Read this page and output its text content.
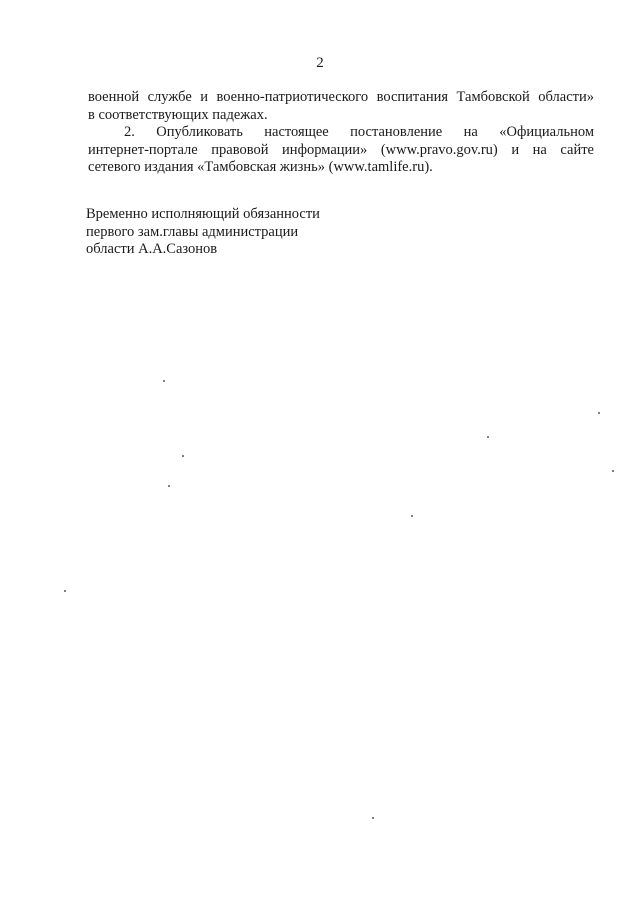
2
военной службе и военно-патриотического воспитания Тамбовской области»
в соответствующих падежах.
2. Опубликовать настоящее постановление на «Официальном
интернет-портале правовой информации» (www.pravo.gov.ru) и на сайте
сетевого издания «Тамбовская жизнь» (www.tamlife.ru).
Временно исполняющий обязанности
первого зам.главы администрации
области А.А.Сазонов
